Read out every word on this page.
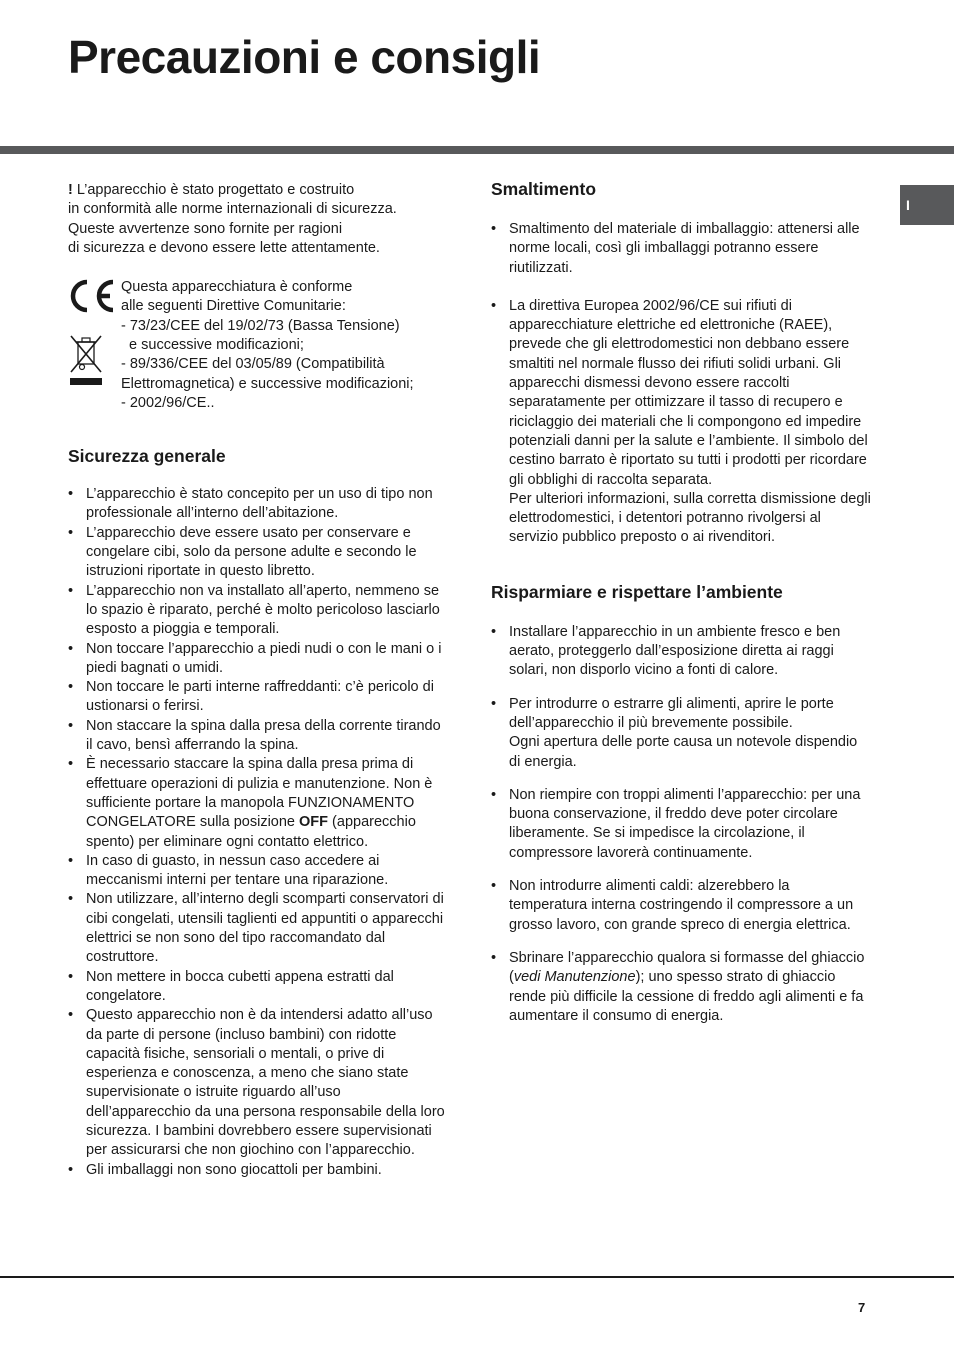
Precauzioni e consigli
I

! L’apparecchio è stato progettato e costruito
in conformità alle norme internazionali di sicurezza.
Queste avvertenze sono fornite per ragioni
di sicurezza e devono essere lette attentamente.

Questa apparecchiatura è conforme
alle seguenti Direttive Comunitarie:
- 73/23/CEE del 19/02/73 (Bassa Tensione)
e successive modificazioni;
- 89/336/CEE del 03/05/89 (Compatibilità
Elettromagnetica) e successive modificazioni;
- 2002/96/CE..
Sicurezza generale
• L’apparecchio è stato concepito per un uso di tipo non professionale all’interno dell’abitazione.
• L’apparecchio deve essere usato per conservare e congelare cibi, solo da persone adulte e secondo le istruzioni riportate in questo libretto.
• L’apparecchio non va installato all’aperto, nemmeno se lo spazio è riparato, perché è molto pericoloso lasciarlo esposto a pioggia e temporali.
• Non toccare l’apparecchio a piedi nudi o con le mani o i piedi bagnati o umidi.
• Non toccare le parti interne raffreddanti: c’è pericolo di ustionarsi o ferirsi.
• Non staccare la spina dalla presa della corrente tirando il cavo, bensì afferrando la spina.
• È necessario staccare la spina dalla presa prima di effettuare operazioni di pulizia e manutenzione. Non è sufficiente portare la manopola FUNZIONAMENTO CONGELATORE sulla posizione OFF (apparecchio spento) per eliminare ogni contatto elettrico.
• In caso di guasto, in nessun caso accedere ai meccanismi interni per tentare una riparazione.
• Non utilizzare, all’interno degli scomparti conservatori di cibi congelati, utensili taglienti ed appuntiti o apparecchi elettrici se non sono del tipo raccomandato dal costruttore.
• Non mettere in bocca cubetti appena estratti dal congelatore.
• Questo apparecchio non è da intendersi adatto all’uso da parte di persone (incluso bambini) con ridotte capacità fisiche, sensoriali o mentali, o prive di esperienza e conoscenza, a meno che siano state supervisionate o istruite riguardo all’uso dell’apparecchio da una persona responsabile della loro sicurezza. I bambini dovrebbero essere supervisionati per assicurarsi che non giochino con l’apparecchio.
• Gli imballaggi non sono giocattoli per bambini.
Smaltimento
• Smaltimento del materiale di imballaggio: attenersi alle norme locali, così gli imballaggi potranno essere riutilizzati.
• La direttiva Europea 2002/96/CE sui rifiuti di apparecchiature elettriche ed elettroniche (RAEE), prevede che gli elettrodomestici non debbano essere smaltiti nel normale flusso dei rifiuti solidi urbani. Gli apparecchi dismessi devono essere raccolti separatamente per ottimizzare il tasso di recupero e riciclaggio dei materiali che li compongono ed impedire potenziali danni per la salute e l’ambiente. Il simbolo del cestino barrato è riportato su tutti i prodotti per ricordare gli obblighi di raccolta separata.
Per ulteriori informazioni, sulla corretta dismissione degli elettrodomestici, i detentori potranno rivolgersi al servizio pubblico preposto o ai rivenditori.
Risparmiare e rispettare l’ambiente
• Installare l’apparecchio in un ambiente fresco e ben aerato, proteggerlo dall’esposizione diretta ai raggi solari, non disporlo vicino a fonti di calore.
• Per introdurre o estrarre gli alimenti, aprire le porte dell’apparecchio il più brevemente possibile.
Ogni apertura delle porte causa un notevole dispendio di energia.
• Non riempire con troppi alimenti l’apparecchio: per una buona conservazione, il freddo deve poter circolare liberamente. Se si impedisce la circolazione, il compressore lavorerà continuamente.
• Non introdurre alimenti caldi: alzerebbero la temperatura interna costringendo il compressore a un grosso lavoro, con grande spreco di energia elettrica.
• Sbrinare l’apparecchio qualora si formasse del ghiaccio (vedi Manutenzione); uno spesso strato di ghiaccio rende più difficile la cessione di freddo agli alimenti e fa aumentare il consumo di energia.
7
